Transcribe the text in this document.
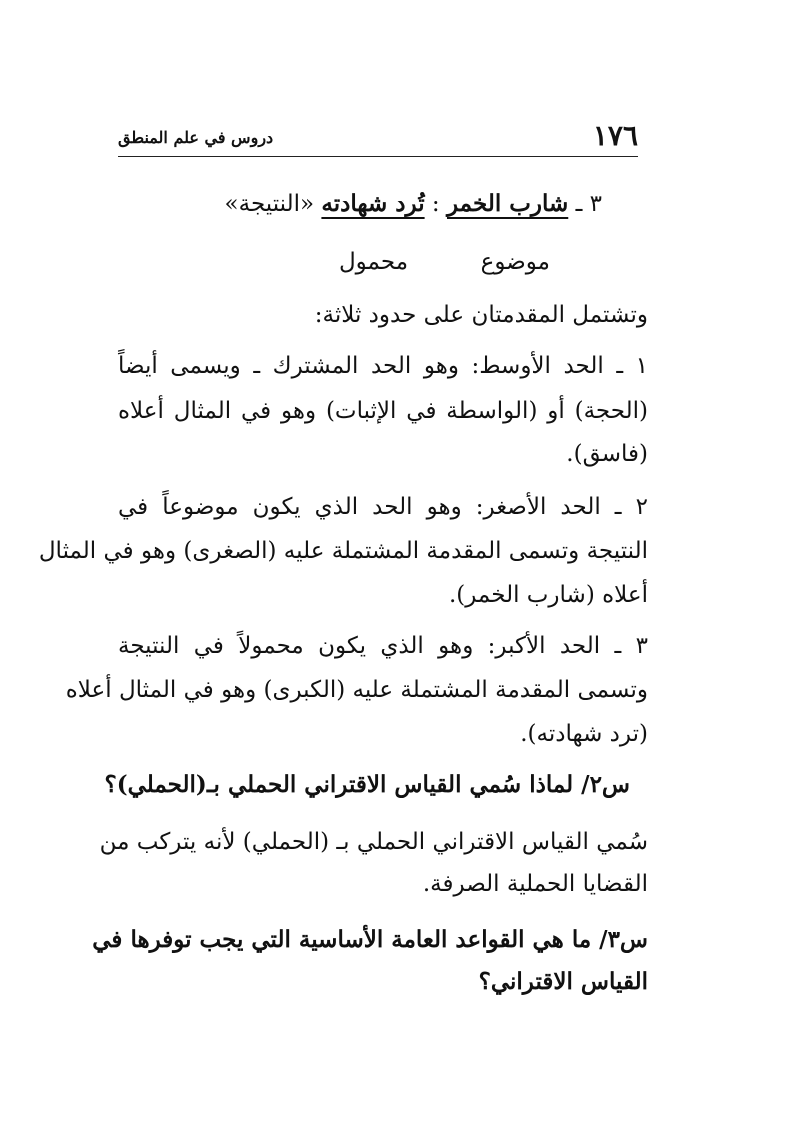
١٧٦
دروس في علم المنطق
٣ ـ شارب الخمر : تُرد شهادته «النتيجة»
موضوع  محمول
وتشتمل المقدمتان على حدود ثلاثة:
١ ـ الحد الأوسط: وهو الحد المشترك ـ ويسمى أيضاً
(الحجة) أو (الواسطة في الإثبات) وهو في المثال أعلاه
(فاسق).
٢ ـ الحد الأصغر: وهو الحد الذي يكون موضوعاً في
النتيجة وتسمى المقدمة المشتملة عليه (الصغرى) وهو في المثال
أعلاه (شارب الخمر).
٣ ـ الحد الأكبر: وهو الذي يكون محمولاً في النتيجة
وتسمى المقدمة المشتملة عليه (الكبرى) وهو في المثال أعلاه
(ترد شهادته).
س٢/ لماذا سُمي القياس الاقتراني الحملي بـ(الحملي)؟
سُمي القياس الاقتراني الحملي بـ (الحملي) لأنه يتركب من
القضايا الحملية الصرفة.
س٣/ ما هي القواعد العامة الأساسية التي يجب توفرها في
القياس الاقتراني؟
